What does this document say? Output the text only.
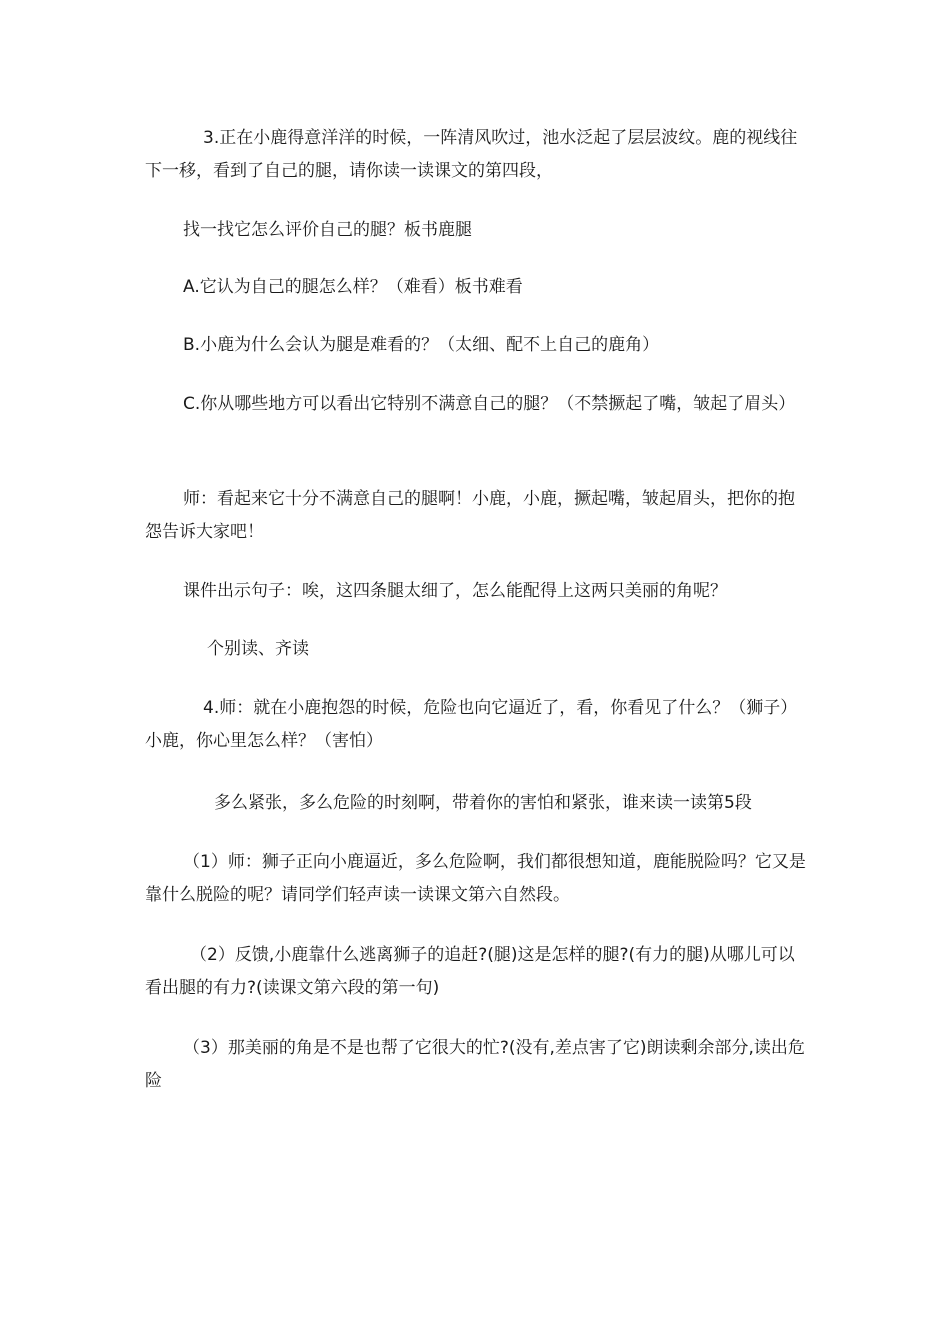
3.正在小鹿得意洋洋的时候，一阵清风吹过，池水泛起了层层波纹。鹿的视线往下一移，看到了自己的腿，请你读一读课文的第四段，

找一找它怎么评价自己的腿？板书鹿腿

A.它认为自己的腿怎么样？（难看）板书难看

B.小鹿为什么会认为腿是难看的？（太细、配不上自己的鹿角）

C.你从哪些地方可以看出它特别不满意自己的腿？（不禁撅起了嘴，皱起了眉头）

师：看起来它十分不满意自己的腿啊！小鹿，小鹿，撅起嘴，皱起眉头，把你的抱怨告诉大家吧！

课件出示句子：唉，这四条腿太细了，怎么能配得上这两只美丽的角呢？

个别读、齐读

4.师：就在小鹿抱怨的时候，危险也向它逼近了，看，你看见了什么？（狮子）小鹿，你心里怎么样？（害怕）

多么紧张，多么危险的时刻啊，带着你的害怕和紧张，谁来读一读第5段

（1）师：狮子正向小鹿逼近，多么危险啊，我们都很想知道，鹿能脱险吗？它又是靠什么脱险的呢？请同学们轻声读一读课文第六自然段。

（2）反馈,小鹿靠什么逃离狮子的追赶?(腿)这是怎样的腿?(有力的腿)从哪儿可以看出腿的有力?(读课文第六段的第一句)

（3）那美丽的角是不是也帮了它很大的忙?(没有,差点害了它)朗读剩余部分,读出危险
